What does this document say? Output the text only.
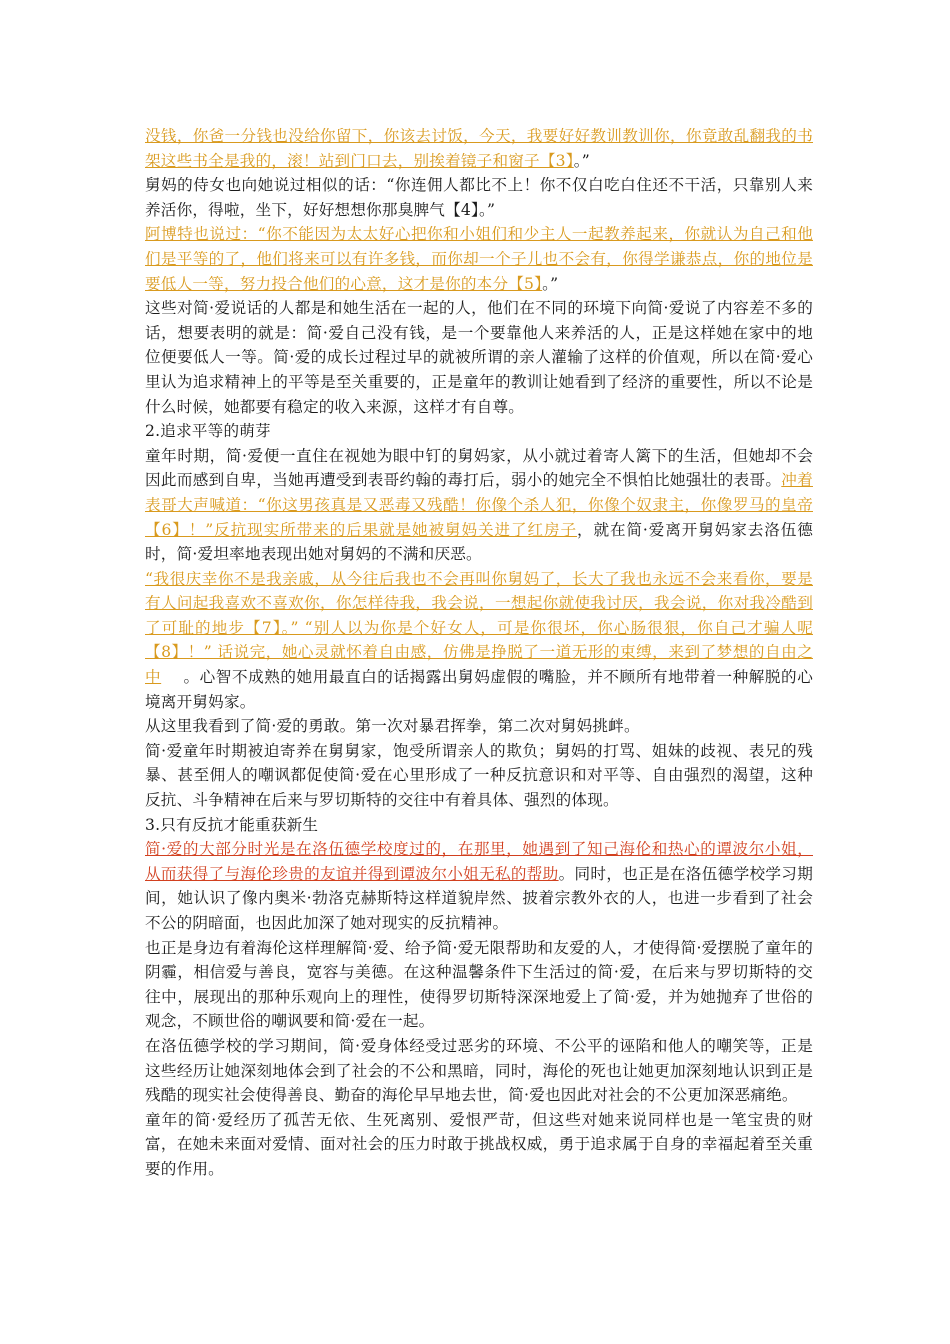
没钱，你爸一分钱也没给你留下，你该去讨饭，今天，我要好好教训教训你，你竟敢乱翻我的书架这些书全是我的，滚！站到门口去，别挨着镜子和窗子【3】。”

舅妈的侍女也向她说过相似的话：“你连佣人都比不上！你不仅白吃白住还不干活，只靠别人来养活你，得啦，坐下，好好想想你那臭脾气【4】。”

阿博特也说过：“你不能因为太太好心把你和小姐们和少主人一起教养起来，你就认为自己和他们是平等的了，他们将来可以有许多钱，而你却一个子儿也不会有，你得学谦恭点，你的地位是要低人一等，努力投合他们的心意，这才是你的本分【5】。”

这些对简·爱说话的人都是和她生活在一起的人，他们在不同的环境下向简·爱说了内容差不多的话，想要表明的就是：简·爱自己没有钱，是一个要靠他人来养活的人，正是这样她在家中的地位便要低人一等。简·爱的成长过程过早的就被所谓的亲人灌输了这样的价值观，所以在简·爱心里认为追求精神上的平等是至关重要的，正是童年的教训让她看到了经济的重要性，所以不论是什么时候，她都要有稳定的收入来源，这样才有自尊。

2.追求平等的萌芽

童年时期，简·爱便一直住在视她为眼中钉的舅妈家，从小就过着寄人篱下的生活，但她却不会因此而感到自卑，当她再遭受到表哥约翰的毒打后，弱小的她完全不惧怕比她强壮的表哥。冲着表哥大声喊道：“你这男孩真是又恶毒又残酷！你像个杀人犯，你像个奴隶主，你像罗马的皇帝【6】！”反抗现实所带来的后果就是她被舅妈关进了红房子，就在简·爱离开舅妈家去洛伍德时，简·爱坦率地表现出她对舅妈的不满和厌恶。

“我很庆幸你不是我亲戚，从今往后我也不会再叫你舅妈了，长大了我也永远不会来看你，要是有人问起我喜欢不喜欢你，你怎样待我，我会说，一想起你就使我讨厌，我会说，你对我冷酷到了可耻的地步【7】。” “别人以为你是个好女人，可是你很坏，你心肠很狠，你自己才骗人呢【8】！” 话说完，她心灵就怀着自由感，仿佛是挣脱了一道无形的束缚，来到了梦想的自由之中 。心智不成熟的她用最直白的话揭露出舅妈虚假的嘴脸，并不顾所有地带着一种解脱的心境离开舅妈家。

从这里我看到了简·爱的勇敢。第一次对暴君挥拳，第二次对舅妈挑衅。

简·爱童年时期被迫寄养在舅舅家，饱受所谓亲人的欺负；舅妈的打骂、姐妹的歧视、表兄的残暴、甚至佣人的嘲讽都促使简·爱在心里形成了一种反抗意识和对平等、自由强烈的渴望，这种反抗、斗争精神在后来与罗切斯特的交往中有着具体、强烈的体现。

3.只有反抗才能重获新生

简·爱的大部分时光是在洛伍德学校度过的，在那里，她遇到了知己海伦和热心的谭波尔小姐，从而获得了与海伦珍贵的友谊并得到谭波尔小姐无私的帮助。同时，也正是在洛伍德学校学习期间，她认识了像内奥米·勃洛克赫斯特这样道貌岸然、披着宗教外衣的人，也进一步看到了社会不公的阴暗面，也因此加深了她对现实的反抗精神。

也正是身边有着海伦这样理解简·爱、给予简·爱无限帮助和友爱的人，才使得简·爱摆脱了童年的阴霾，相信爱与善良，宽容与美德。在这种温馨条件下生活过的简·爱，在后来与罗切斯特的交往中，展现出的那种乐观向上的理性，使得罗切斯特深深地爱上了简·爱，并为她抛弃了世俗的观念，不顾世俗的嘲讽要和简·爱在一起。

在洛伍德学校的学习期间，简·爱身体经受过恶劣的环境、不公平的诬陷和他人的嘲笑等，正是这些经历让她深刻地体会到了社会的不公和黑暗，同时，海伦的死也让她更加深刻地认识到正是残酷的现实社会使得善良、勤奋的海伦早早地去世，简·爱也因此对社会的不公更加深恶痛绝。

童年的简·爱经历了孤苦无依、生死离别、爱恨严苛，但这些对她来说同样也是一笔宝贵的财富，在她未来面对爱情、面对社会的压力时敢于挑战权威，勇于追求属于自身的幸福起着至关重要的作用。
